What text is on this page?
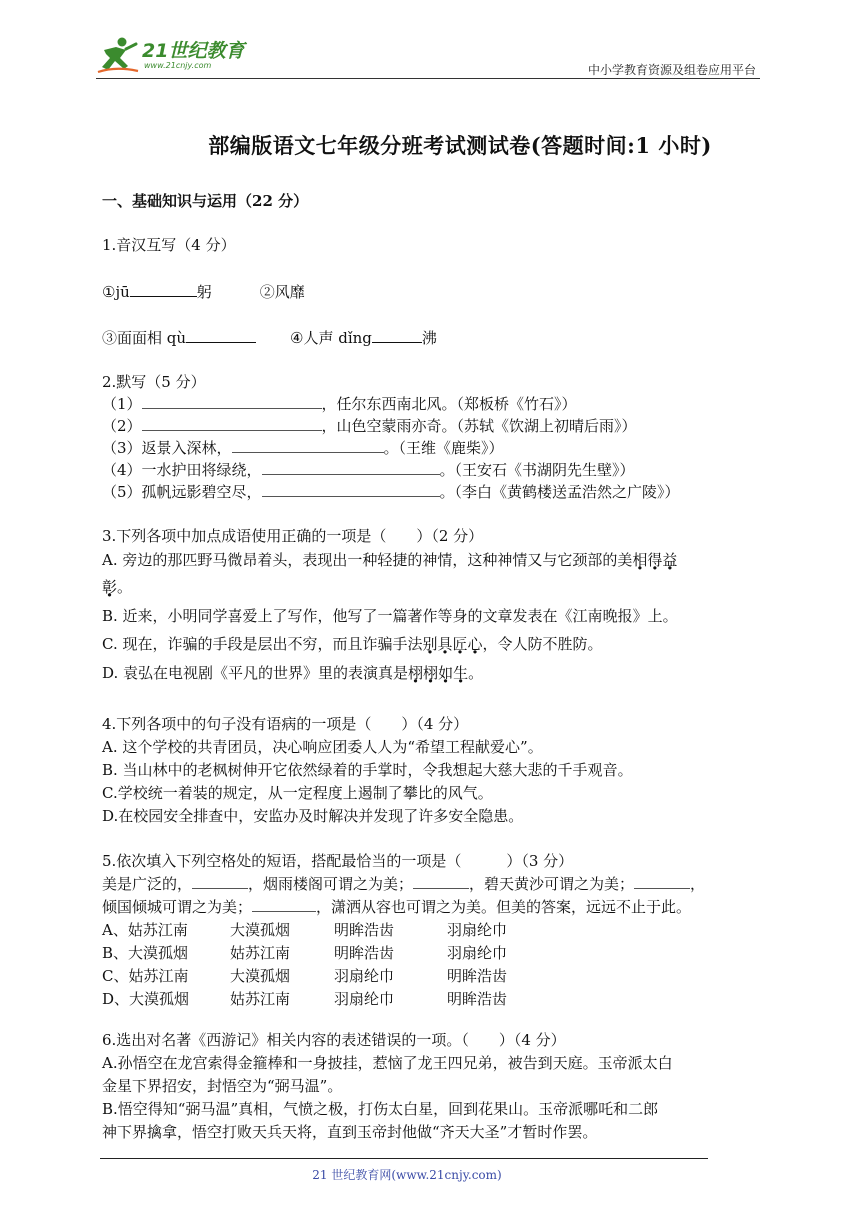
21世纪教育
www.21cnjy.com	中小学教育资源及组卷应用平台
部编版语文七年级分班考试测试卷(答题时间:1 小时)
一、基础知识与运用（22 分）
1.音汉互写（4 分）
①jū	躬	②风靡
③面面相 qù	④人声 dǐng	沸
2.默写（5 分）
（1）	，任尔东西南北风。（郑板桥《竹石》）
（2）	，山色空蒙雨亦奇。（苏轼《饮湖上初晴后雨》）
（3）返景入深林，	。（王维《鹿柴》）
（4）一水护田将绿绕，	。（王安石《书湖阴先生壁》）
（5）孤帆远影碧空尽，	。（李白《黄鹤楼送孟浩然之广陵》）
3.下列各项中加点成语使用正确的一项是（　　）（2 分）
A. 旁边的那匹野马微昂着头，表现出一种轻捷的神情，这种神情又与它颈部的美相得益
彰。
B. 近来，小明同学喜爱上了写作，他写了一篇著作等身的文章发表在《江南晚报》上。
C. 现在，诈骗的手段是层出不穷，而且诈骗手法别具匠心，令人防不胜防。
D. 袁弘在电视剧《平凡的世界》里的表演真是栩栩如生。
4.下列各项中的句子没有语病的一项是（　　）（4 分）
A. 这个学校的共青团员，决心响应团委人人为“希望工程献爱心”。
B. 当山林中的老枫树伸开它依然绿着的手掌时，令我想起大慈大悲的千手观音。
C.学校统一着装的规定，从一定程度上遏制了攀比的风气。
D.在校园安全排查中，安监办及时解决并发现了许多安全隐患。
5.依次填入下列空格处的短语，搭配最恰当的一项是（　　　）（3 分）
美是广泛的，	，烟雨楼阁可谓之为美；	，碧天黄沙可谓之为美；	，
倾国倾城可谓之为美；	，潇洒从容也可谓之为美。但美的答案，远远不止于此。
A、姑苏江南	大漠孤烟	明眸浩齿	羽扇纶巾
B、大漠孤烟	姑苏江南	明眸浩齿	羽扇纶巾
C、姑苏江南	大漠孤烟	羽扇纶巾	明眸浩齿
D、大漠孤烟	姑苏江南	羽扇纶巾	明眸浩齿
6.选出对名著《西游记》相关内容的表述错误的一项。（　　）（4 分）
A.孙悟空在龙宫索得金箍棒和一身披挂，惹恼了龙王四兄弟，被告到天庭。玉帝派太白
金星下界招安，封悟空为“弼马温”。
B.悟空得知“弼马温”真相，气愤之极，打伤太白星，回到花果山。玉帝派哪吒和二郎
神下界擒拿，悟空打败天兵天将，直到玉帝封他做“齐天大圣”才暂时作罢。
21 世纪教育网(www.21cnjy.com)
